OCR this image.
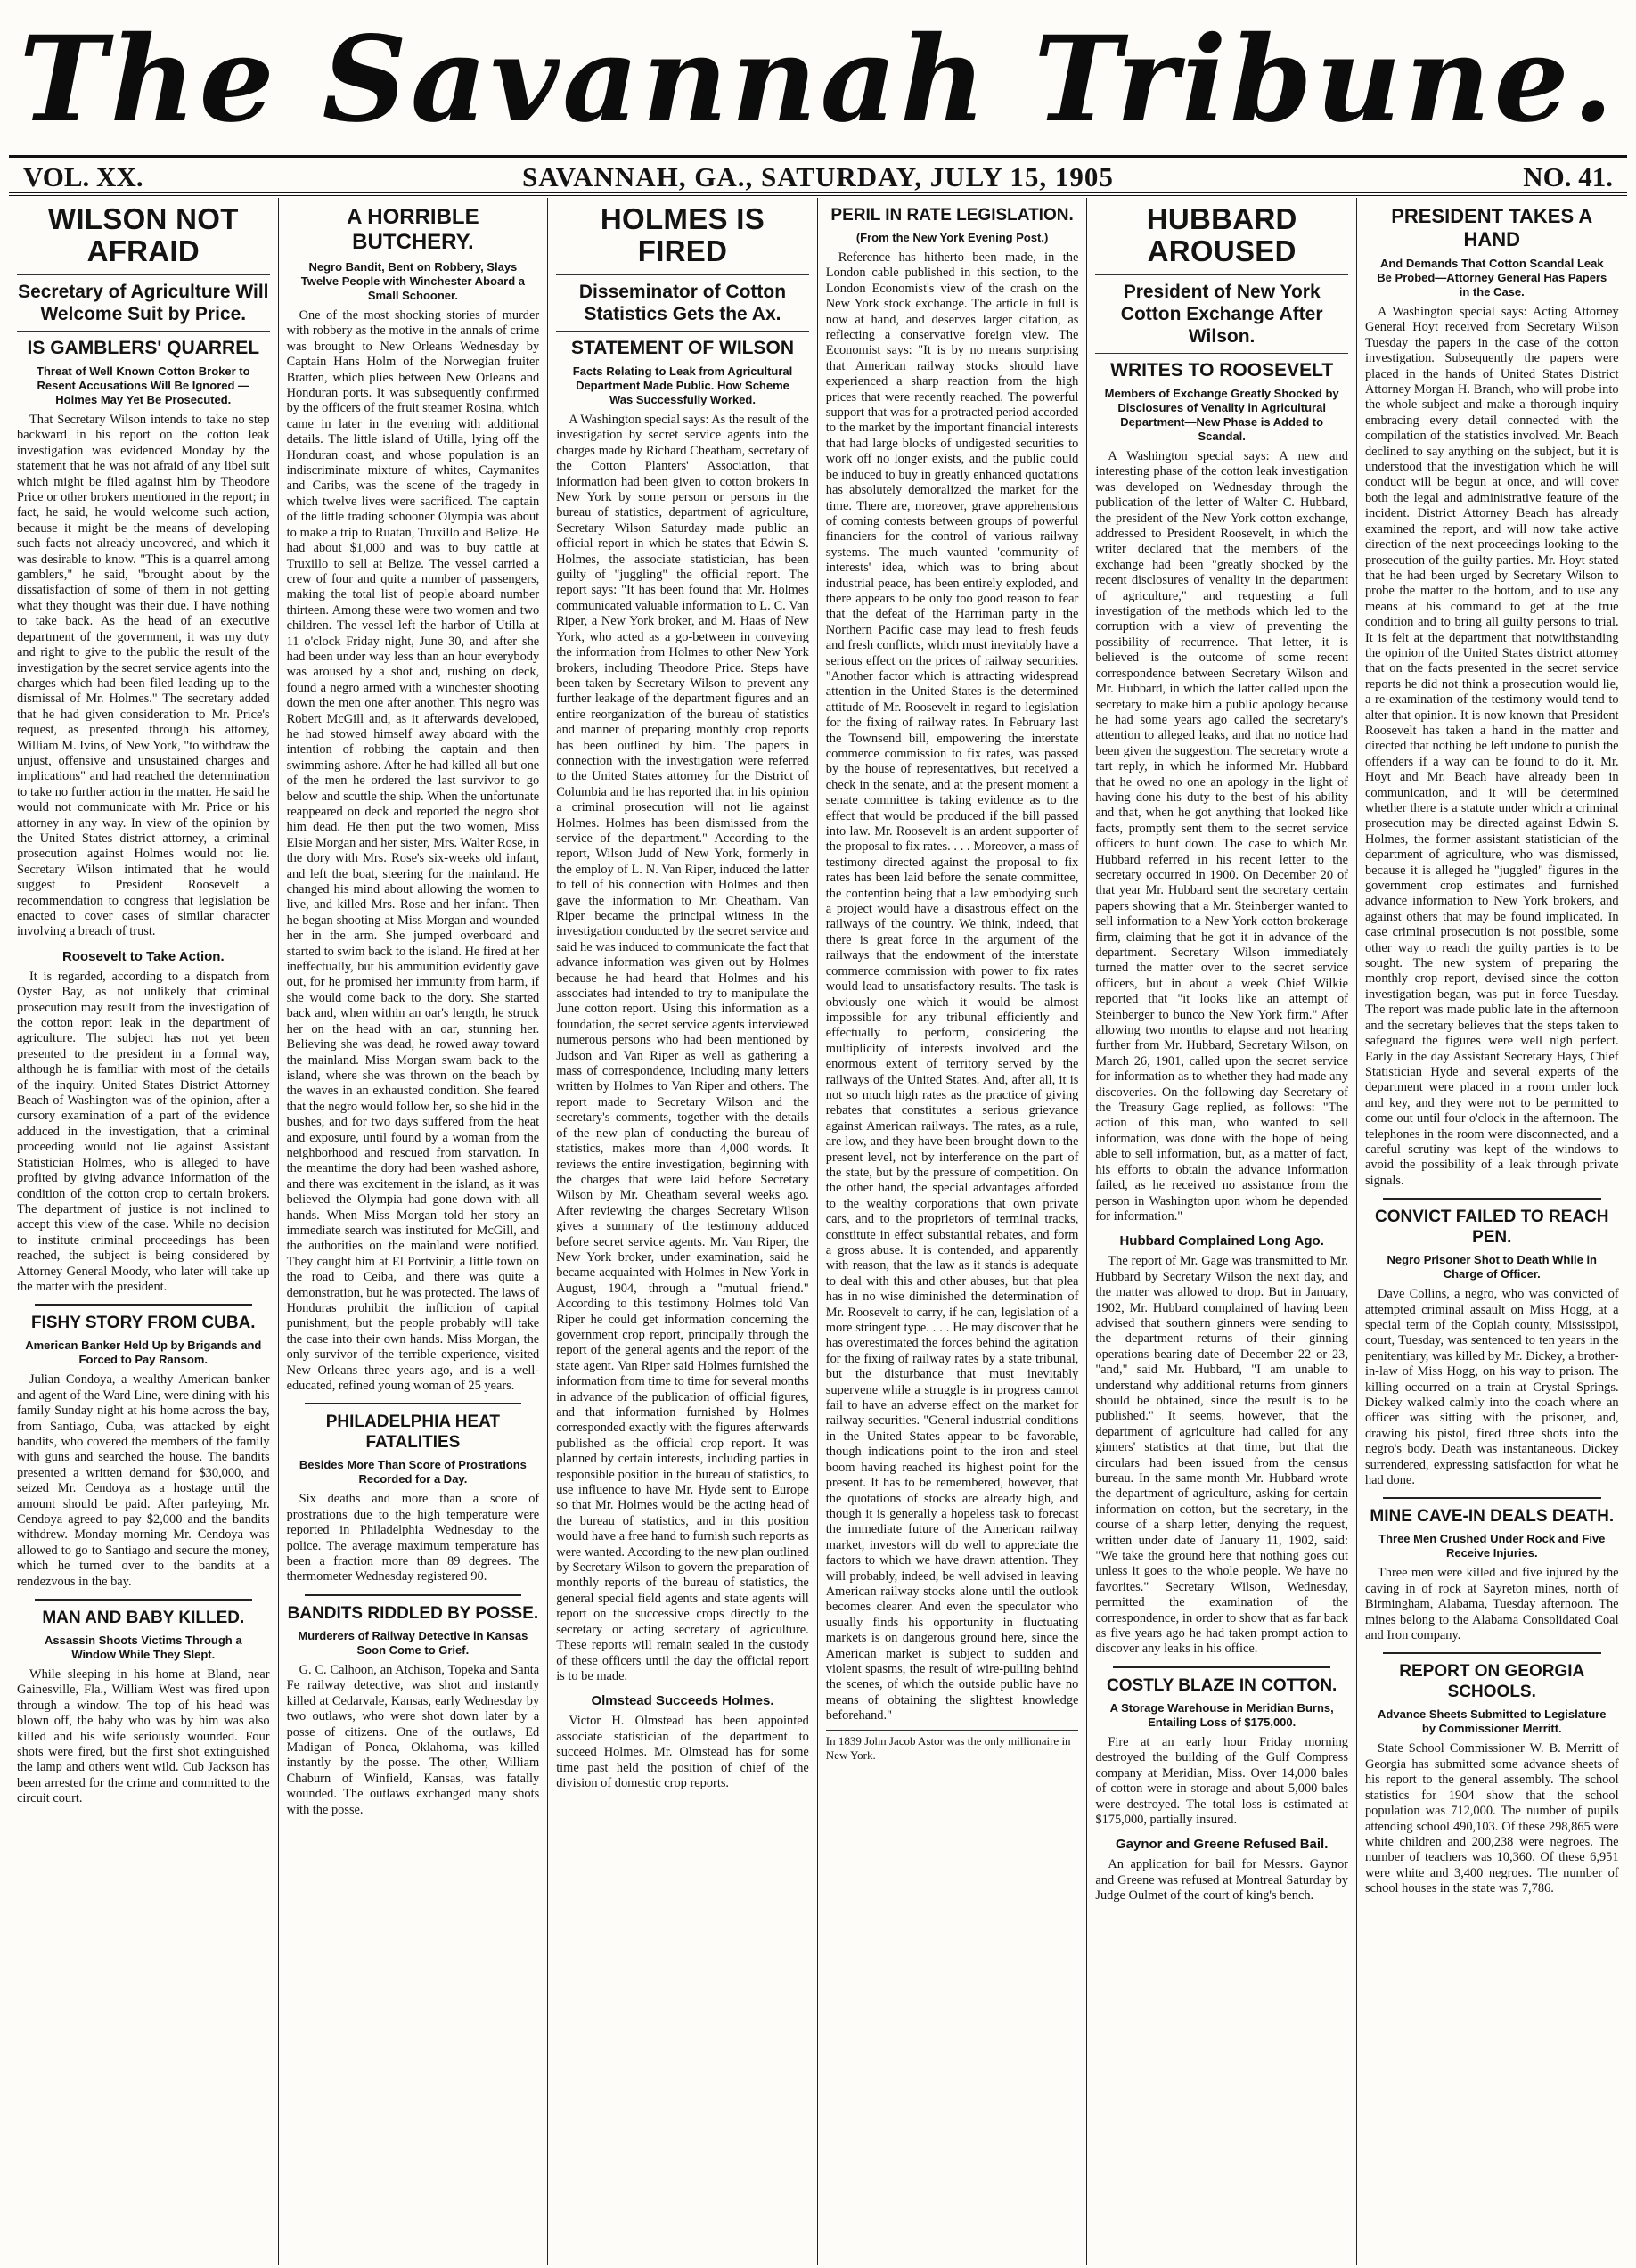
The Savannah Tribune.
VOL. XX.	SAVANNAH, GA., SATURDAY, JULY 15, 1905	NO. 41.
WILSON NOT AFRAID
Secretary of Agriculture Will Welcome Suit by Price.
IS GAMBLERS' QUARREL
Threat of Well Known Cotton Broker to Resent Accusations Will Be Ignored — Holmes May Yet Be Prosecuted.

That Secretary Wilson intends to take no step backward in his report on the cotton leak investigation was evidenced Monday by the statement that he was not afraid of any libel suit which might be filed against him by Theodore Price or other brokers mentioned in the report; in fact, he said, he would welcome such action, because it might be the means of developing such facts not already uncovered, and which it was desirable to know. "This is a quarrel among gamblers," he said, "brought about by the dissatisfaction of some of them in not getting what they thought was their due. I have nothing to take back. As the head of an executive department of the government, it was my duty and right to give to the public the result of the investigation by the secret service agents into the charges which had been filed leading up to the dismissal of Mr. Holmes." The secretary added that he had given consideration to Mr. Price's request, as presented through his attorney, William M. Ivins, of New York, "to withdraw the unjust, offensive and unsustained charges and implications" and had reached the determination to take no further action in the matter. He said he would not communicate with Mr. Price or his attorney in any way. In view of the opinion by the United States district attorney, a criminal prosecution against Holmes would not lie. Secretary Wilson intimated that he would suggest to President Roosevelt a recommendation to congress that legislation be enacted to cover cases of similar character involving a breach of trust.

Roosevelt to Take Action.

It is regarded, according to a dispatch from Oyster Bay, as not unlikely that criminal prosecution may result from the investigation of the cotton report leak in the department of agriculture. The subject has not yet been presented to the president in a formal way, although he is familiar with most of the details of the inquiry. United States District Attorney Beach of Washington was of the opinion, after a cursory examination of a part of the evidence adduced in the investigation, that a criminal proceeding would not lie against Assistant Statistician Holmes, who is alleged to have profited by giving advance information of the condition of the cotton crop to certain brokers. The department of justice is not inclined to accept this view of the case. While no decision to institute criminal proceedings has been reached, the subject is being considered by Attorney General Moody, who later will take up the matter with the president.

FISHY STORY FROM CUBA.
American Banker Held Up by Brigands and Forced to Pay Ransom.

Julian Condoya, a wealthy American banker and agent of the Ward Line, were dining with his family Sunday night at his home across the bay, from Santiago, Cuba, was attacked by eight bandits, who covered the members of the family with guns and searched the house. The bandits presented a written demand for $30,000, and seized Mr. Cendoya as a hostage until the amount should be paid. After parleying, Mr. Cendoya agreed to pay $2,000 and the bandits withdrew. Monday morning Mr. Cendoya was allowed to go to Santiago and secure the money, which he turned over to the bandits at a rendezvous in the bay.

MAN AND BABY KILLED.
Assassin Shoots Victims Through a Window While They Slept.

While sleeping in his home at Bland, near Gainesville, Fla., William West was fired upon through a window. The top of his head was blown off, the baby who was by him was also killed and his wife seriously wounded. Four shots were fired, but the first shot extinguished the lamp and others went wild. Cub Jackson has been arrested for the crime and committed to the circuit court.

A HORRIBLE BUTCHERY.
Negro Bandit, Bent on Robbery, Slays Twelve People with Winchester Aboard a Small Schooner.

One of the most shocking stories of murder with robbery as the motive in the annals of crime was brought to New Orleans Wednesday by Captain Hans Holm of the Norwegian fruiter Bratten, which plies between New Orleans and Honduran ports. It was subsequently confirmed by the officers of the fruit steamer Rosina, which came in later in the evening with additional details. The little island of Utilla, lying off the Honduran coast, and whose population is an indiscriminate mixture of whites, Caymanites and Caribs, was the scene of the tragedy in which twelve lives were sacrificed. The captain of the little trading schooner Olympia was about to make a trip to Ruatan, Truxillo and Belize. He had about $1,000 and was to buy cattle at Truxillo to sell at Belize. The vessel carried a crew of four and quite a number of passengers, making the total list of people aboard number thirteen. Among these were two women and two children. The vessel left the harbor of Utilla at 11 o'clock Friday night, June 30, and after she had been under way less than an hour everybody was aroused by a shot and, rushing on deck, found a negro armed with a winchester shooting down the men one after another. This negro was Robert McGill and, as it afterwards developed, he had stowed himself away aboard with the intention of robbing the captain and then swimming ashore. After he had killed all but one of the men he ordered the last survivor to go below and scuttle the ship. When the unfortunate reappeared on deck and reported the negro shot him dead. He then put the two women, Miss Elsie Morgan and her sister, Mrs. Walter Rose, in the dory with Mrs. Rose's six-weeks old infant, and left the boat, steering for the mainland. He changed his mind about allowing the women to live, and killed Mrs. Rose and her infant. Then he began shooting at Miss Morgan and wounded her in the arm. She jumped overboard and started to swim back to the island. He fired at her ineffectually, but his ammunition evidently gave out, for he promised her immunity from harm, if she would come back to the dory. She started back and, when within an oar's length, he struck her on the head with an oar, stunning her. Believing she was dead, he rowed away toward the mainland. Miss Morgan swam back to the island, where she was thrown on the beach by the waves in an exhausted condition. She feared that the negro would follow her, so she hid in the bushes, and for two days suffered from the heat and exposure, until found by a woman from the neighborhood and rescued from starvation. In the meantime the dory had been washed ashore, and there was excitement in the island, as it was believed the Olympia had gone down with all hands. When Miss Morgan told her story an immediate search was instituted for McGill, and the authorities on the mainland were notified. They caught him at El Portvinir, a little town on the road to Ceiba, and there was quite a demonstration, but he was protected. The laws of Honduras prohibit the infliction of capital punishment, but the people probably will take the case into their own hands. Miss Morgan, the only survivor of the terrible experience, visited New Orleans three years ago, and is a well-educated, refined young woman of 25 years.

PHILADELPHIA HEAT FATALITIES
Besides More Than Score of Prostrations Recorded for a Day.

Six deaths and more than a score of prostrations due to the high temperature were reported in Philadelphia Wednesday to the police. The average maximum temperature has been a fraction more than 89 degrees. The thermometer Wednesday registered 90.

BANDITS RIDDLED BY POSSE.
Murderers of Railway Detective in Kansas Soon Come to Grief.

G. C. Calhoon, an Atchison, Topeka and Santa Fe railway detective, was shot and instantly killed at Cedarvale, Kansas, early Wednesday by two outlaws, who were shot down later by a posse of citizens. One of the outlaws, Ed Madigan of Ponca, Oklahoma, was killed instantly by the posse. The other, William Chaburn of Winfield, Kansas, was fatally wounded. The outlaws exchanged many shots with the posse.

HOLMES IS FIRED
Disseminator of Cotton Statistics Gets the Ax.
STATEMENT OF WILSON
Facts Relating to Leak from Agricultural Department Made Public. How Scheme Was Successfully Worked.

A Washington special says: As the result of the investigation by secret service agents into the charges made by Richard Cheatham, secretary of the Cotton Planters' Association, that information had been given to cotton brokers in New York by some person or persons in the bureau of statistics, department of agriculture, Secretary Wilson Saturday made public an official report in which he states that Edwin S. Holmes, the associate statistician, has been guilty of "juggling" the official report. The report says: "It has been found that Mr. Holmes communicated valuable information to L. C. Van Riper, a New York broker, and M. Haas of New York, who acted as a go-between in conveying the information from Holmes to other New York brokers, including Theodore Price. Steps have been taken by Secretary Wilson to prevent any further leakage of the department figures and an entire reorganization of the bureau of statistics and manner of preparing monthly crop reports has been outlined by him. The papers in connection with the investigation were referred to the United States attorney for the District of Columbia and he has reported that in his opinion a criminal prosecution will not lie against Holmes. Holmes has been dismissed from the service of the department." According to the report, Wilson Judd of New York, formerly in the employ of L. N. Van Riper, induced the latter to tell of his connection with Holmes and then gave the information to Mr. Cheatham. Van Riper became the principal witness in the investigation conducted by the secret service and said he was induced to communicate the fact that advance information was given out by Holmes because he had heard that Holmes and his associates had intended to try to manipulate the June cotton report. Using this information as a foundation, the secret service agents interviewed numerous persons who had been mentioned by Judson and Van Riper as well as gathering a mass of correspondence, including many letters written by Holmes to Van Riper and others. The report made to Secretary Wilson and the secretary's comments, together with the details of the new plan of conducting the bureau of statistics, makes more than 4,000 words. It reviews the entire investigation, beginning with the charges that were laid before Secretary Wilson by Mr. Cheatham several weeks ago. After reviewing the charges Secretary Wilson gives a summary of the testimony adduced before secret service agents. Mr. Van Riper, the New York broker, under examination, said he became acquainted with Holmes in New York in August, 1904, through a "mutual friend." According to this testimony Holmes told Van Riper he could get information concerning the government crop report, principally through the report of the general agents and the report of the state agent. Van Riper said Holmes furnished the information from time to time for several months in advance of the publication of official figures, and that information furnished by Holmes corresponded exactly with the figures afterwards published as the official crop report. It was planned by certain interests, including parties in responsible position in the bureau of statistics, to use influence to have Mr. Hyde sent to Europe so that Mr. Holmes would be the acting head of the bureau of statistics, and in this position would have a free hand to furnish such reports as were wanted. According to the new plan outlined by Secretary Wilson to govern the preparation of monthly reports of the bureau of statistics, the general special field agents and state agents will report on the successive crops directly to the secretary or acting secretary of agriculture. These reports will remain sealed in the custody of these officers until the day the official report is to be made.

Olmstead Succeeds Holmes.

Victor H. Olmstead has been appointed associate statistician of the department to succeed Holmes. Mr. Olmstead has for some time past held the position of chief of the division of domestic crop reports.

PERIL IN RATE LEGISLATION.
(From the New York Evening Post.)

Reference has hitherto been made, in the London cable published in this section, to the London Economist's view of the crash on the New York stock exchange. The article in full is now at hand, and deserves larger citation, as reflecting a conservative foreign view. The Economist says: "It is by no means surprising that American railway stocks should have experienced a sharp reaction from the high prices that were recently reached. The powerful support that was for a protracted period accorded to the market by the important financial interests that had large blocks of undigested securities to work off no longer exists, and the public could be induced to buy in greatly enhanced quotations has absolutely demoralized the market for the time. There are, moreover, grave apprehensions of coming contests between groups of powerful financiers for the control of various railway systems. The much vaunted 'community of interests' idea, which was to bring about industrial peace, has been entirely exploded, and there appears to be only too good reason to fear that the defeat of the Harriman party in the Northern Pacific case may lead to fresh feuds and fresh conflicts, which must inevitably have a serious effect on the prices of railway securities. "Another factor which is attracting widespread attention in the United States is the determined attitude of Mr. Roosevelt in regard to legislation for the fixing of railway rates. In February last the Townsend bill, empowering the interstate commerce commission to fix rates, was passed by the house of representatives, but received a check in the senate, and at the present moment a senate committee is taking evidence as to the effect that would be produced if the bill passed into law. Mr. Roosevelt is an ardent supporter of the proposal to fix rates. . . . Moreover, a mass of testimony directed against the proposal to fix rates has been laid before the senate committee, the contention being that a law embodying such a project would have a disastrous effect on the railways of the country. We think, indeed, that there is great force in the argument of the railways that the endowment of the interstate commerce commission with power to fix rates would lead to unsatisfactory results. The task is obviously one which it would be almost impossible for any tribunal efficiently and effectually to perform, considering the multiplicity of interests involved and the enormous extent of territory served by the railways of the United States. And, after all, it is not so much high rates as the practice of giving rebates that constitutes a serious grievance against American railways. The rates, as a rule, are low, and they have been brought down to the present level, not by interference on the part of the state, but by the pressure of competition. On the other hand, the special advantages afforded to the wealthy corporations that own private cars, and to the proprietors of terminal tracks, constitute in effect substantial rebates, and form a gross abuse. It is contended, and apparently with reason, that the law as it stands is adequate to deal with this and other abuses, but that plea has in no wise diminished the determination of Mr. Roosevelt to carry, if he can, legislation of a more stringent type. . . . He may discover that he has overestimated the forces behind the agitation for the fixing of railway rates by a state tribunal, but the disturbance that must inevitably supervene while a struggle is in progress cannot fail to have an adverse effect on the market for railway securities. "General industrial conditions in the United States appear to be favorable, though indications point to the iron and steel boom having reached its highest point for the present. It has to be remembered, however, that the quotations of stocks are already high, and though it is generally a hopeless task to forecast the immediate future of the American railway market, investors will do well to appreciate the factors to which we have drawn attention. They will probably, indeed, be well advised in leaving American railway stocks alone until the outlook becomes clearer. And even the speculator who usually finds his opportunity in fluctuating markets is on dangerous ground here, since the American market is subject to sudden and violent spasms, the result of wire-pulling behind the scenes, of which the outside public have no means of obtaining the slightest knowledge beforehand."

In 1839 John Jacob Astor was the only millionaire in New York.
HUBBARD AROUSED
President of New York Cotton Exchange After Wilson.
WRITES TO ROOSEVELT
Members of Exchange Greatly Shocked by Disclosures of Venality in Agricultural Department—New Phase is Added to Scandal.

A Washington special says: A new and interesting phase of the cotton leak investigation was developed on Wednesday through the publication of the letter of Walter C. Hubbard, the president of the New York cotton exchange, addressed to President Roosevelt, in which the writer declared that the members of the exchange had been "greatly shocked by the recent disclosures of venality in the department of agriculture," and requesting a full investigation of the methods which led to the corruption with a view of preventing the possibility of recurrence. That letter, it is believed is the outcome of some recent correspondence between Secretary Wilson and Mr. Hubbard, in which the latter called upon the secretary to make him a public apology because he had some years ago called the secretary's attention to alleged leaks, and that no notice had been given the suggestion. The secretary wrote a tart reply, in which he informed Mr. Hubbard that he owed no one an apology in the light of having done his duty to the best of his ability and that, when he got anything that looked like facts, promptly sent them to the secret service officers to hunt down. The case to which Mr. Hubbard referred in his recent letter to the secretary occurred in 1900. On December 20 of that year Mr. Hubbard sent the secretary certain papers showing that a Mr. Steinberger wanted to sell information to a New York cotton brokerage firm, claiming that he got it in advance of the department. Secretary Wilson immediately turned the matter over to the secret service officers, but in about a week Chief Wilkie reported that "it looks like an attempt of Steinberger to bunco the New York firm." After allowing two months to elapse and not hearing further from Mr. Hubbard, Secretary Wilson, on March 26, 1901, called upon the secret service for information as to whether they had made any discoveries. On the following day Secretary of the Treasury Gage replied, as follows: "The action of this man, who wanted to sell information, was done with the hope of being able to sell information, but, as a matter of fact, his efforts to obtain the advance information failed, as he received no assistance from the person in Washington upon whom he depended for information."

Hubbard Complained Long Ago.

The report of Mr. Gage was transmitted to Mr. Hubbard by Secretary Wilson the next day, and the matter was allowed to drop. But in January, 1902, Mr. Hubbard complained of having been advised that southern ginners were sending to the department returns of their ginning operations bearing date of December 22 or 23, "and," said Mr. Hubbard, "I am unable to understand why additional returns from ginners should be obtained, since the result is to be published." It seems, however, that the department of agriculture had called for any ginners' statistics at that time, but that the circulars had been issued from the census bureau. In the same month Mr. Hubbard wrote the department of agriculture, asking for certain information on cotton, but the secretary, in the course of a sharp letter, denying the request, written under date of January 11, 1902, said: "We take the ground here that nothing goes out unless it goes to the whole people. We have no favorites." Secretary Wilson, Wednesday, permitted the examination of the correspondence, in order to show that as far back as five years ago he had taken prompt action to discover any leaks in his office.

COSTLY BLAZE IN COTTON.
A Storage Warehouse in Meridian Burns, Entailing Loss of $175,000.

Fire at an early hour Friday morning destroyed the building of the Gulf Compress company at Meridian, Miss. Over 14,000 bales of cotton were in storage and about 5,000 bales were destroyed. The total loss is estimated at $175,000, partially insured.

Gaynor and Greene Refused Bail.

An application for bail for Messrs. Gaynor and Greene was refused at Montreal Saturday by Judge Oulmet of the court of king's bench.

PRESIDENT TAKES A HAND
And Demands That Cotton Scandal Leak Be Probed—Attorney General Has Papers in the Case.

A Washington special says: Acting Attorney General Hoyt received from Secretary Wilson Tuesday the papers in the case of the cotton investigation. Subsequently the papers were placed in the hands of United States District Attorney Morgan H. Branch, who will probe into the whole subject and make a thorough inquiry embracing every detail connected with the compilation of the statistics involved. Mr. Beach declined to say anything on the subject, but it is understood that the investigation which he will conduct will be begun at once, and will cover both the legal and administrative feature of the incident. District Attorney Beach has already examined the report, and will now take active direction of the next proceedings looking to the prosecution of the guilty parties. Mr. Hoyt stated that he had been urged by Secretary Wilson to probe the matter to the bottom, and to use any means at his command to get at the true condition and to bring all guilty persons to trial. It is felt at the department that notwithstanding the opinion of the United States district attorney that on the facts presented in the secret service reports he did not think a prosecution would lie, a re-examination of the testimony would tend to alter that opinion. It is now known that President Roosevelt has taken a hand in the matter and directed that nothing be left undone to punish the offenders if a way can be found to do it. Mr. Hoyt and Mr. Beach have already been in communication, and it will be determined whether there is a statute under which a criminal prosecution may be directed against Edwin S. Holmes, the former assistant statistician of the department of agriculture, who was dismissed, because it is alleged he "juggled" figures in the government crop estimates and furnished advance information to New York brokers, and against others that may be found implicated. In case criminal prosecution is not possible, some other way to reach the guilty parties is to be sought. The new system of preparing the monthly crop report, devised since the cotton investigation began, was put in force Tuesday. The report was made public late in the afternoon and the secretary believes that the steps taken to safeguard the figures were well nigh perfect. Early in the day Assistant Secretary Hays, Chief Statistician Hyde and several experts of the department were placed in a room under lock and key, and they were not to be permitted to come out until four o'clock in the afternoon. The telephones in the room were disconnected, and a careful scrutiny was kept of the windows to avoid the possibility of a leak through private signals.

CONVICT FAILED TO REACH PEN.
Negro Prisoner Shot to Death While in Charge of Officer.

Dave Collins, a negro, who was convicted of attempted criminal assault on Miss Hogg, at a special term of the Copiah county, Mississippi, court, Tuesday, was sentenced to ten years in the penitentiary, was killed by Mr. Dickey, a brother-in-law of Miss Hogg, on his way to prison. The killing occurred on a train at Crystal Springs. Dickey walked calmly into the coach where an officer was sitting with the prisoner, and, drawing his pistol, fired three shots into the negro's body. Death was instantaneous. Dickey surrendered, expressing satisfaction for what he had done.

MINE CAVE-IN DEALS DEATH.
Three Men Crushed Under Rock and Five Receive Injuries.

Three men were killed and five injured by the caving in of rock at Sayreton mines, north of Birmingham, Alabama, Tuesday afternoon. The mines belong to the Alabama Consolidated Coal and Iron company.

REPORT ON GEORGIA SCHOOLS.
Advance Sheets Submitted to Legislature by Commissioner Merritt.

State School Commissioner W. B. Merritt of Georgia has submitted some advance sheets of his report to the general assembly. The school statistics for 1904 show that the school population was 712,000. The number of pupils attending school 490,103. Of these 298,865 were white children and 200,238 were negroes. The number of teachers was 10,360. Of these 6,951 were white and 3,400 negroes. The number of school houses in the state was 7,786.
